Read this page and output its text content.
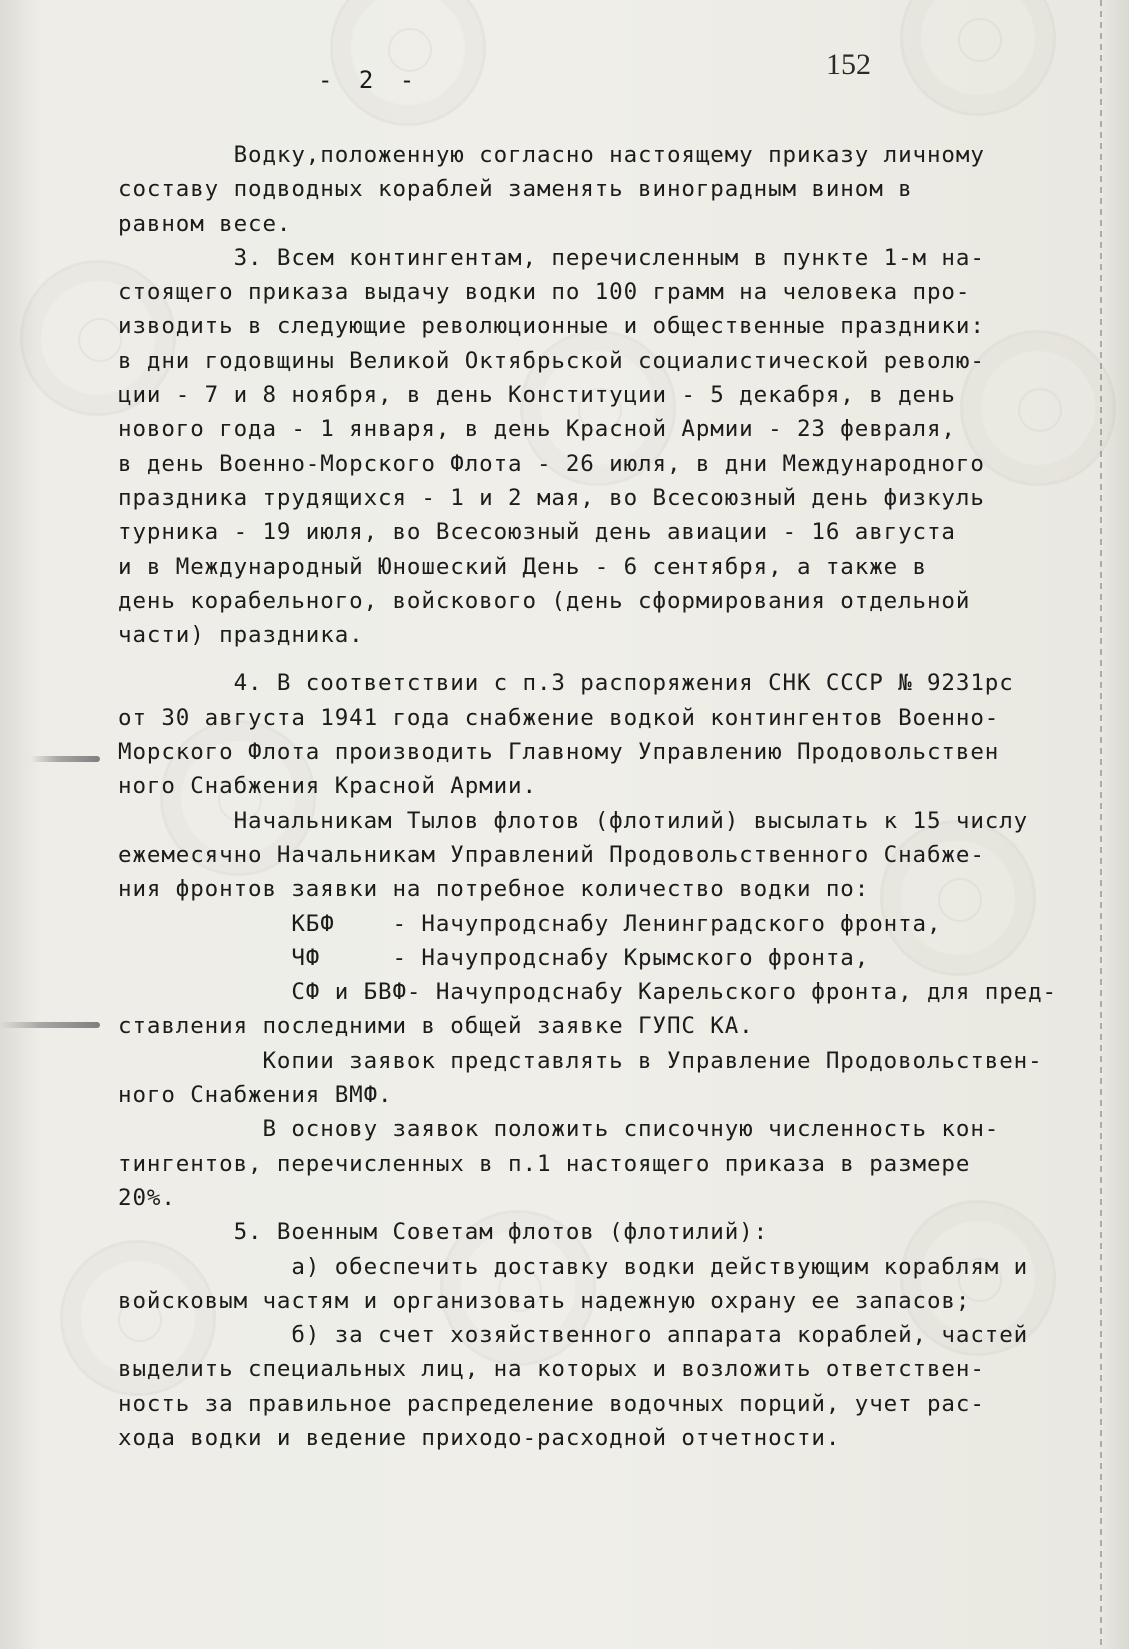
- 2 -	152
Водку,положенную согласно настоящему приказу личному
составу подводных кораблей заменять виноградным вином в
равном весе.
3. Всем контингентам, перечисленным в пункте 1-м на-
стоящего приказа выдачу водки по 100 грамм на человека про-
изводить в следующие революционные и общественные праздники:
в дни годовщины Великой Октябрьской социалистической револю-
ции - 7 и 8 ноября, в день Конституции - 5 декабря, в день
нового года - 1 января, в день Красной Армии - 23 февраля,
в день Военно-Морского Флота - 26 июля, в дни Международного
праздника трудящихся - 1 и 2 мая, во Всесоюзный день физкуль
турника - 19 июля, во Всесоюзный день авиации - 16 августа
и в Международный Юношеский День - 6 сентября, а также в
день корабельного, войскового (день сформирования отдельной
части) праздника.
4. В соответствии с п.3 распоряжения СНК СССР № 9231рс
от 30 августа 1941 года снабжение водкой контингентов Военно-
Морского Флота производить Главному Управлению Продовольствен
ного Снабжения Красной Армии.
Начальникам Тылов флотов (флотилий) высылать к 15 числу
ежемесячно Начальникам Управлений Продовольственного Снабже-
ния фронтов заявки на потребное количество водки по:
КБФ    - Начупродснабу Ленинградского фронта,
ЧФ     - Начупродснабу Крымского фронта,
СФ и БВФ- Начупродснабу Карельского фронта, для пред-
ставления последними в общей заявке ГУПС КА.
Копии заявок представлять в Управление Продовольствен-
ного Снабжения ВМФ.
В основу заявок положить списочную численность кон-
тингентов, перечисленных в п.1 настоящего приказа в размере
20%.
5. Военным Советам флотов (флотилий):
а) обеспечить доставку водки действующим кораблям и
войсковым частям и организовать надежную охрану ее запасов;
б) за счет хозяйственного аппарата кораблей, частей
выделить специальных лиц, на которых и возложить ответствен-
ность за правильное распределение водочных порций, учет рас-
хода водки и ведение приходо-расходной отчетности.
